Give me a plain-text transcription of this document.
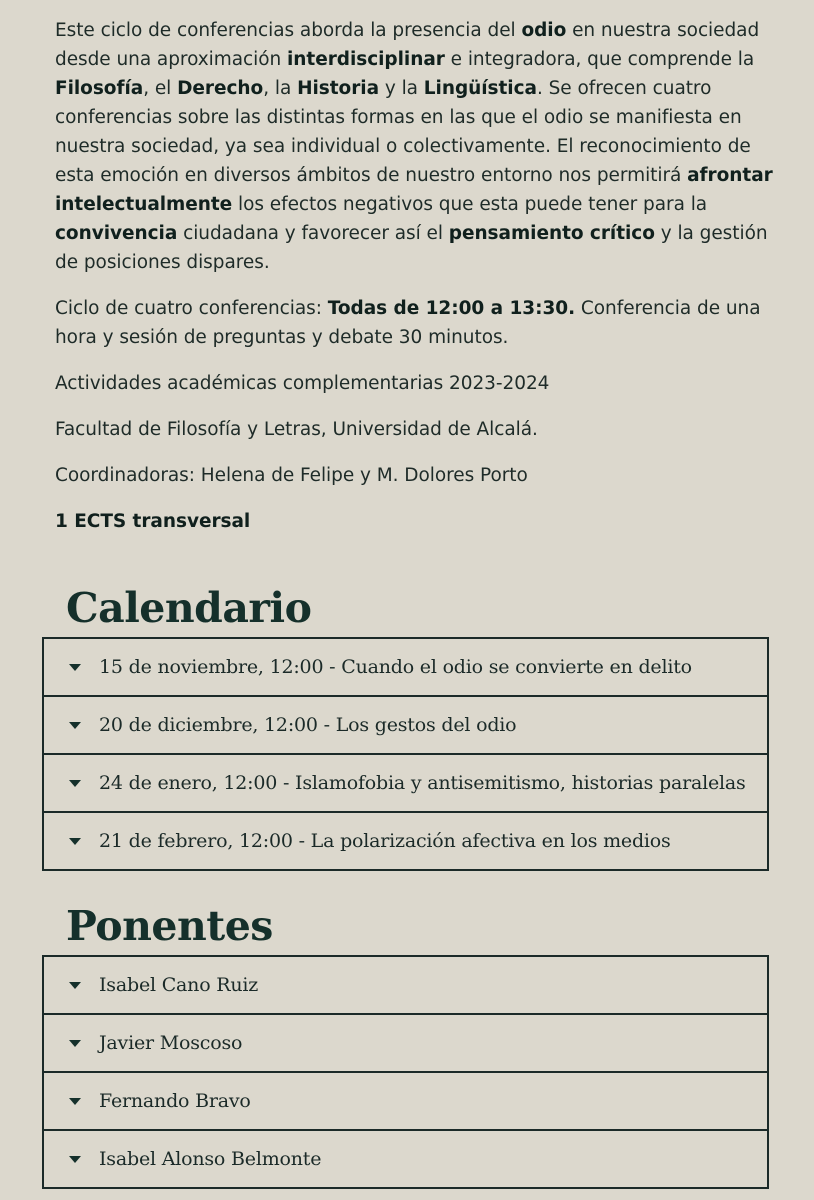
Este ciclo de conferencias aborda la presencia del odio en nuestra sociedad desde una aproximación interdisciplinar e integradora, que comprende la Filosofía, el Derecho, la Historia y la Lingüística. Se ofrecen cuatro conferencias sobre las distintas formas en las que el odio se manifiesta en nuestra sociedad, ya sea individual o colectivamente. El reconocimiento de esta emoción en diversos ámbitos de nuestro entorno nos permitirá afrontar intelectualmente los efectos negativos que esta puede tener para la convivencia ciudadana y favorecer así el pensamiento crítico y la gestión de posiciones dispares.

Ciclo de cuatro conferencias: Todas de 12:00 a 13:30. Conferencia de una hora y sesión de preguntas y debate 30 minutos.

Actividades académicas complementarias 2023-2024

Facultad de Filosofía y Letras, Universidad de Alcalá.

Coordinadoras: Helena de Felipe y M. Dolores Porto

1 ECTS transversal

Calendario
15 de noviembre, 12:00 - Cuando el odio se convierte en delito
20 de diciembre, 12:00 - Los gestos del odio
24 de enero, 12:00 - Islamofobia y antisemitismo, historias paralelas
21 de febrero, 12:00 - La polarización afectiva en los medios
Ponentes
Isabel Cano Ruiz
Javier Moscoso
Fernando Bravo
Isabel Alonso Belmonte
